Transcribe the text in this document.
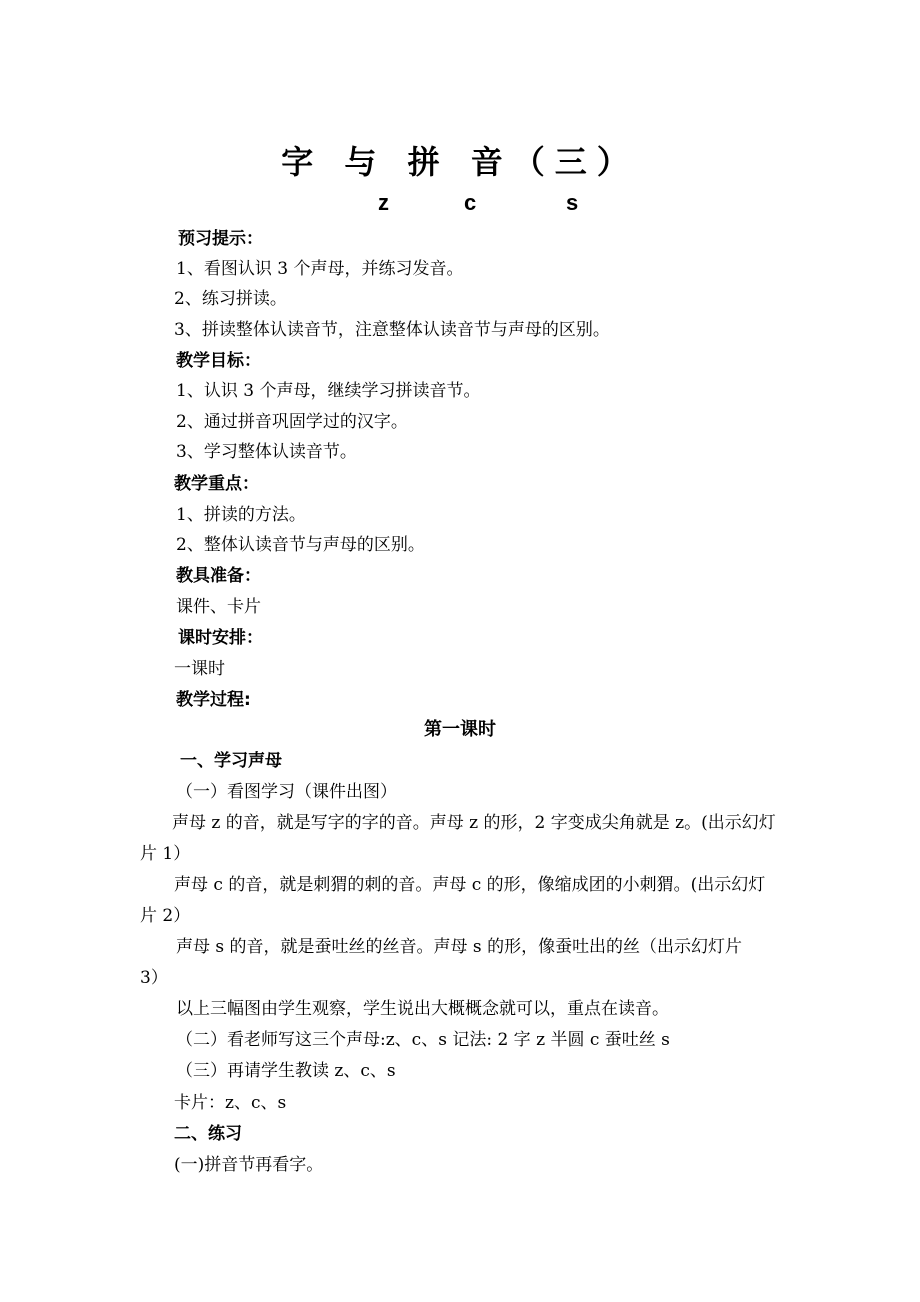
字 与 拼 音（三）
z	c	s
预习提示：
1、看图认识 3 个声母，并练习发音。
2、练习拼读。
3、拼读整体认读音节，注意整体认读音节与声母的区别。
教学目标：
1、认识 3 个声母，继续学习拼读音节。
2、通过拼音巩固学过的汉字。
3、学习整体认读音节。
教学重点：
1、拼读的方法。
2、整体认读音节与声母的区别。
教具准备：
课件、卡片
课时安排：
一课时
教学过程:
第一课时
一、学习声母
（一）看图学习（课件出图）
声母 z 的音，就是写字的字的音。声母 z 的形，2 字变成尖角就是 z。(出示幻灯
片 1）
声母 c 的音，就是刺猬的刺的音。声母 c 的形，像缩成团的小刺猬。(出示幻灯
片 2）
声母 s 的音，就是蚕吐丝的丝音。声母 s 的形，像蚕吐出的丝（出示幻灯片
3）
以上三幅图由学生观察，学生说出大概概念就可以，重点在读音。
（二）看老师写这三个声母:z、c、s 记法: 2 字 z 半圆 c 蚕吐丝 s
（三）再请学生教读 z、c、s
卡片：z、c、s
二、练习
(一)拼音节再看字。
